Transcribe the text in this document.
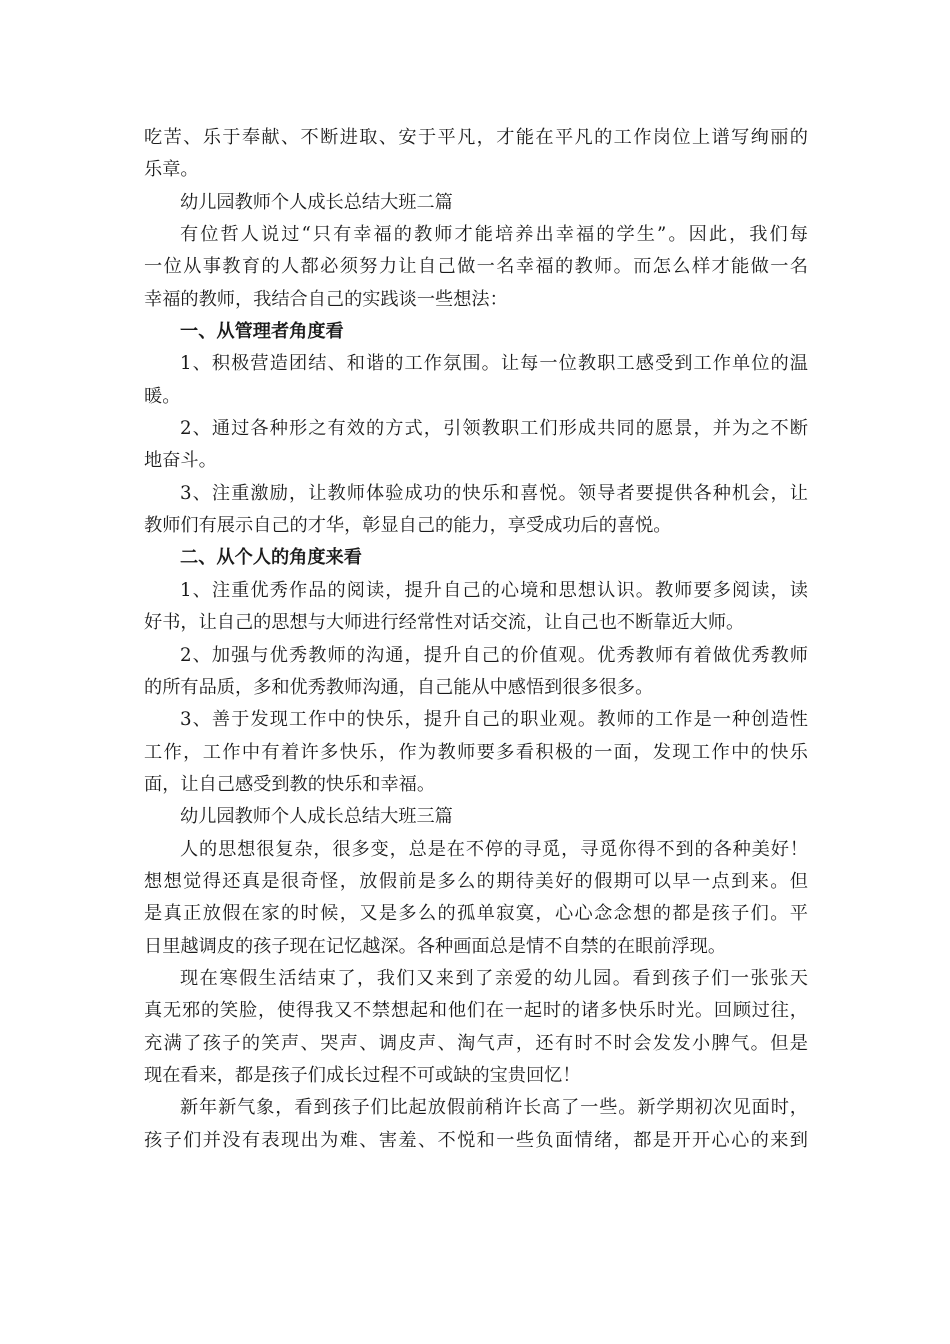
吃苦、乐于奉献、不断进取、安于平凡，才能在平凡的工作岗位上谱写绚丽的
乐章。
幼儿园教师个人成长总结大班二篇
有位哲人说过“只有幸福的教师才能培养出幸福的学生”。因此，我们每
一位从事教育的人都必须努力让自己做一名幸福的教师。而怎么样才能做一名
幸福的教师，我结合自己的实践谈一些想法：
一、从管理者角度看
1、积极营造团结、和谐的工作氛围。让每一位教职工感受到工作单位的温
暖。
2、通过各种形之有效的方式，引领教职工们形成共同的愿景，并为之不断
地奋斗。
3、注重激励，让教师体验成功的快乐和喜悦。领导者要提供各种机会，让
教师们有展示自己的才华，彰显自己的能力，享受成功后的喜悦。
二、从个人的角度来看
1、注重优秀作品的阅读，提升自己的心境和思想认识。教师要多阅读，读
好书，让自己的思想与大师进行经常性对话交流，让自己也不断靠近大师。
2、加强与优秀教师的沟通，提升自己的价值观。优秀教师有着做优秀教师
的所有品质，多和优秀教师沟通，自己能从中感悟到很多很多。
3、善于发现工作中的快乐，提升自己的职业观。教师的工作是一种创造性
工作，工作中有着许多快乐，作为教师要多看积极的一面，发现工作中的快乐
面，让自己感受到教的快乐和幸福。
幼儿园教师个人成长总结大班三篇
人的思想很复杂，很多变，总是在不停的寻觅，寻觅你得不到的各种美好！
想想觉得还真是很奇怪，放假前是多么的期待美好的假期可以早一点到来。但
是真正放假在家的时候，又是多么的孤单寂寞，心心念念想的都是孩子们。平
日里越调皮的孩子现在记忆越深。各种画面总是情不自禁的在眼前浮现。
现在寒假生活结束了，我们又来到了亲爱的幼儿园。看到孩子们一张张天
真无邪的笑脸，使得我又不禁想起和他们在一起时的诸多快乐时光。回顾过往，
充满了孩子的笑声、哭声、调皮声、淘气声，还有时不时会发发小脾气。但是
现在看来，都是孩子们成长过程不可或缺的宝贵回忆！
新年新气象，看到孩子们比起放假前稍许长高了一些。新学期初次见面时，
孩子们并没有表现出为难、害羞、不悦和一些负面情绪，都是开开心心的来到
